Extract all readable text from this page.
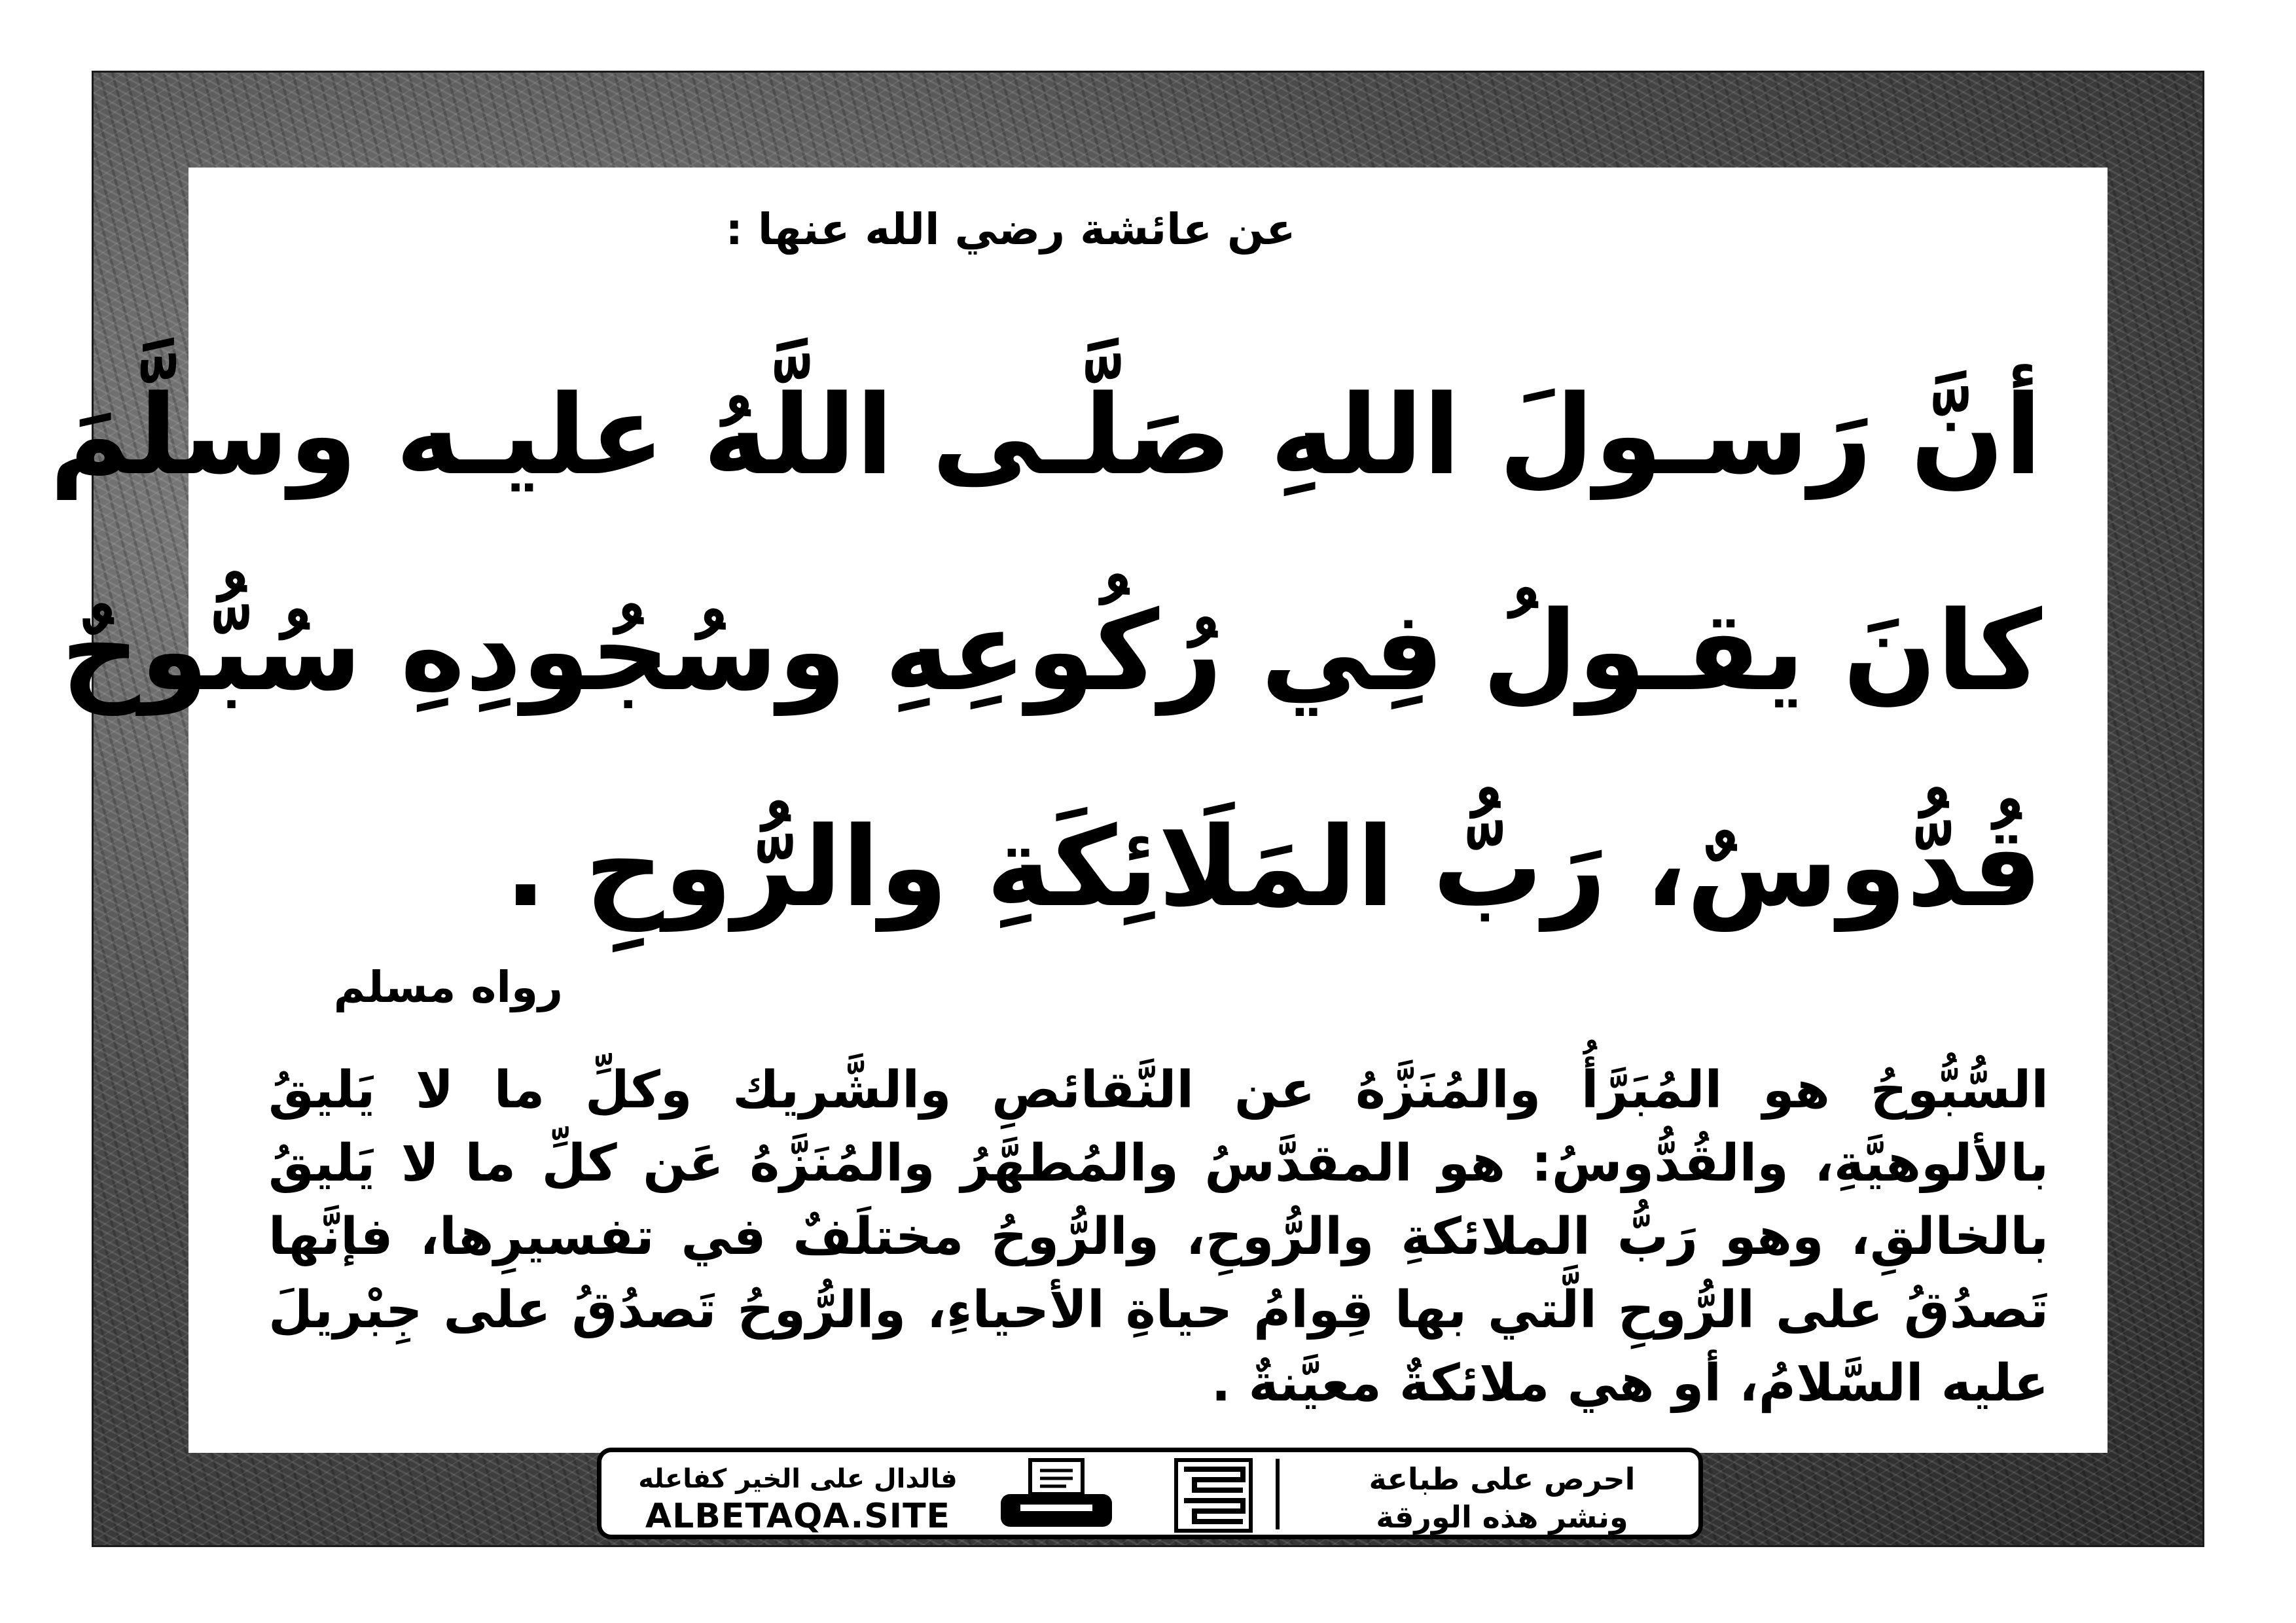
عن عائشة رضي الله عنها :
أنَّ رَسـولَ اللهِ صَلَّـى اللَّهُ عليـه وسلَّمَ
كانَ يقـولُ فِي رُكُوعِهِ وسُجُودِهِ سُبُّوحٌ
قُدُّوسٌ، رَبُّ المَلَائِكَةِ والرُّوحِ .
رواه مسلم
السُّبُّوحُ هو المُبَرَّأُ والمُنَزَّهُ عن النَّقائصِ والشَّريك وكلِّ ما لا يَليقُ بالألوهيَّةِ، والقُدُّوسُ: هو المقدَّسُ والمُطهَّرُ والمُنَزَّهُ عَن كلِّ ما لا يَليقُ بالخالقِ، وهو رَبُّ الملائكةِ والرُّوحِ، والرُّوحُ مختلَفٌ في تفسيرِها، فإنَّها تَصدُقُ على الرُّوحِ الَّتي بها قِوامُ حياةِ الأحياءِ، والرُّوحُ تَصدُقُ على جِبْريلَ عليه السَّلامُ، أو هي ملائكةٌ معيَّنةٌ .
فالدال على الخير كفاعله
ALBETAQA.SITE
احرص على طباعة
ونشر هذه الورقة
